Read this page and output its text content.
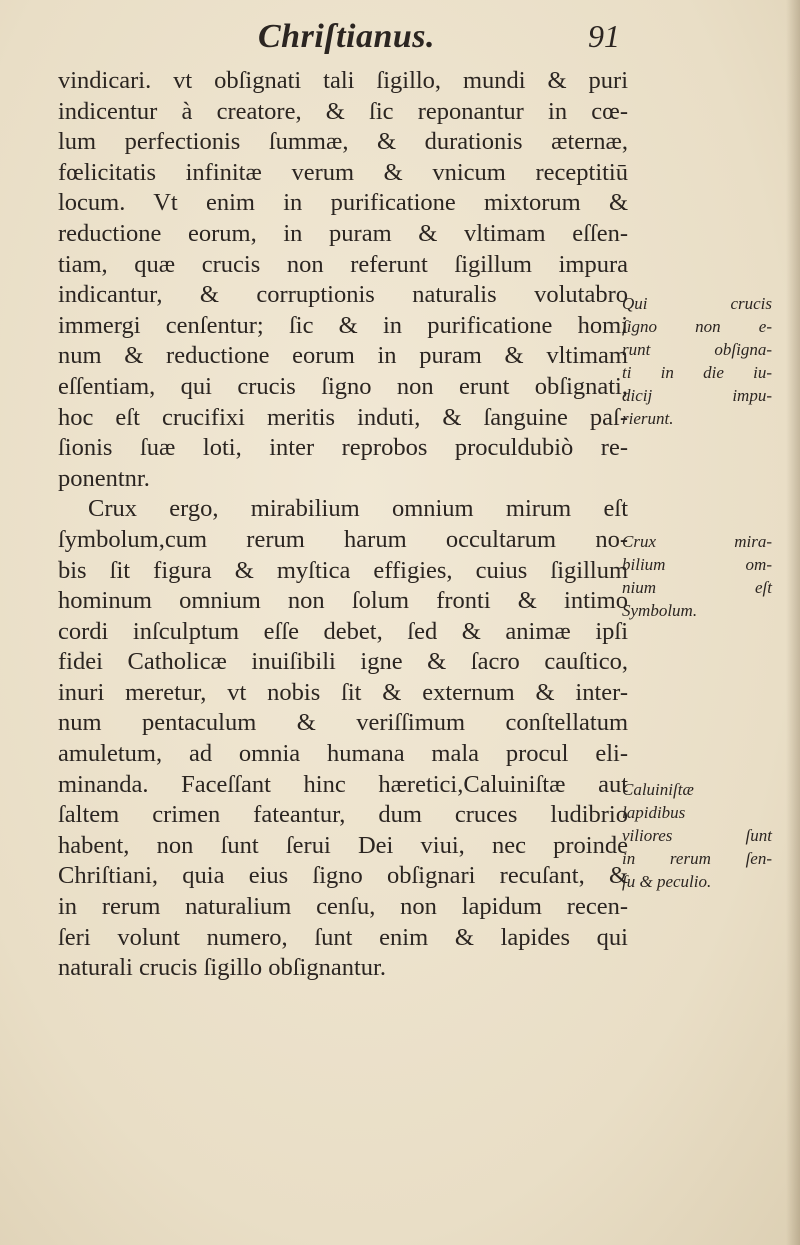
Chriſtianus.	91
vindicari. vt obſignati tali ſigillo, mundi & puri
indicentur à creatore, & ſic reponantur in cœ-
lum perfectionis ſummæ, & durationis æternæ,
fœlicitatis infinitæ verum & vnicum receptitiū
locum. Vt enim in purificatione mixtorum &
reductione eorum, in puram & vltimam eſſen-
tiam, quæ crucis non referunt ſigillum impura
indicantur, & corruptionis naturalis volutabro
immergi cenſentur; ſic & in purificatione homi
num & reductione eorum in puram & vltimam
eſſentiam, qui crucis ſigno non erunt obſignati,
hoc eſt crucifixi meritis induti, & ſanguine paſ-
ſionis ſuæ loti, inter reprobos proculdubiò re-
ponentnr.
Crux ergo, mirabilium omnium mirum eſt
ſymbolum,cum rerum harum occultarum no-
bis ſit figura & myſtica effigies, cuius ſigillum
hominum omnium non ſolum fronti & intimo
cordi inſculptum eſſe debet, ſed & animæ ipſi
fidei Catholicæ inuiſibili igne & ſacro cauſtico,
inuri meretur, vt nobis ſit & externum & inter-
num pentaculum & veriſſimum conſtellatum
amuletum, ad omnia humana mala procul eli-
minanda. Faceſſant hinc hæretici,Caluiniſtæ aut
ſaltem crimen fateantur, dum cruces ludibrio
habent, non ſunt ſerui Dei viui, nec proinde
Chriſtiani, quia eius ſigno obſignari recuſant, &
in rerum naturalium cenſu, non lapidum recen-
ſeri volunt numero, ſunt enim & lapides qui
naturali crucis ſigillo obſignantur.
Qui crucis
ſigno non e-
runt obſigna-
ti in die iu-
dicij impu-
rierunt.
Crux mira-
bilium om-
nium eſt
Symbolum.
Caluiniſtæ
lapidibus
viliores ſunt
in rerum ſen-
ſu & peculio.
